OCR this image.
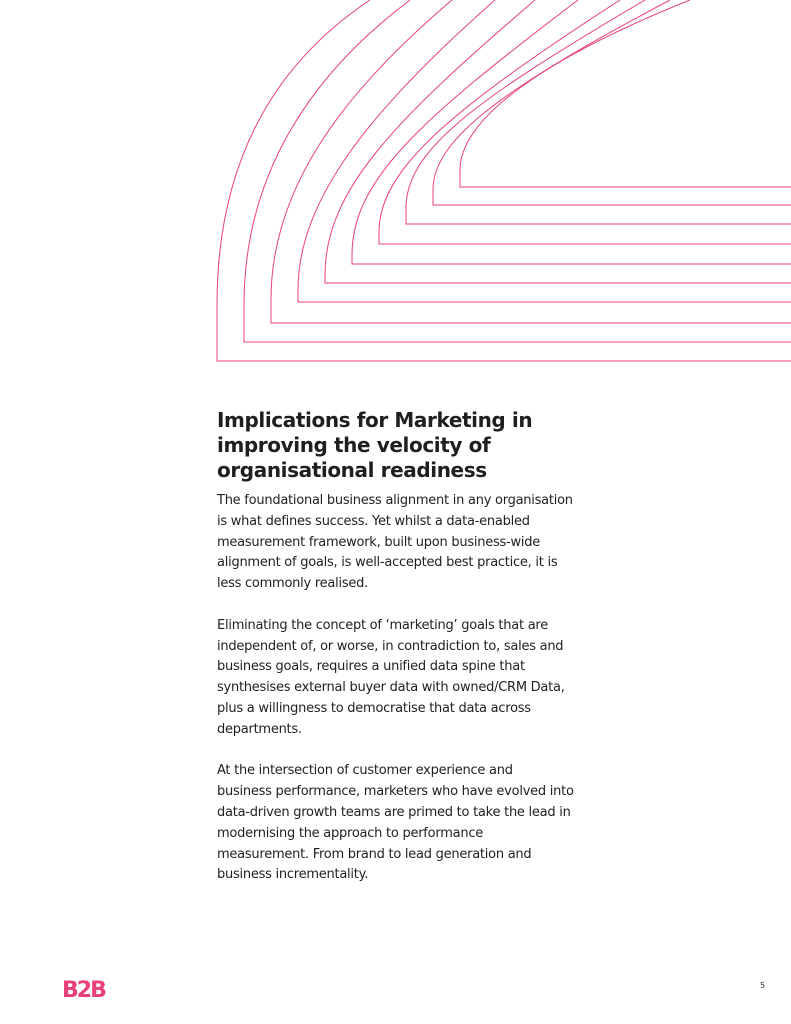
Implications for Marketing in
improving the velocity of
organisational readiness

The foundational business alignment in any organisation
is what defines success. Yet whilst a data-enabled
measurement framework, built upon business-wide
alignment of goals, is well-accepted best practice, it is
less commonly realised.

Eliminating the concept of ‘marketing’ goals that are
independent of, or worse, in contradiction to, sales and
business goals, requires a unified data spine that
synthesises external buyer data with owned/CRM Data,
plus a willingness to democratise that data across
departments.

At the intersection of customer experience and
business performance, marketers who have evolved into
data-driven growth teams are primed to take the lead in
modernising the approach to performance
measurement. From brand to lead generation and
business incrementality.

B2B	5
